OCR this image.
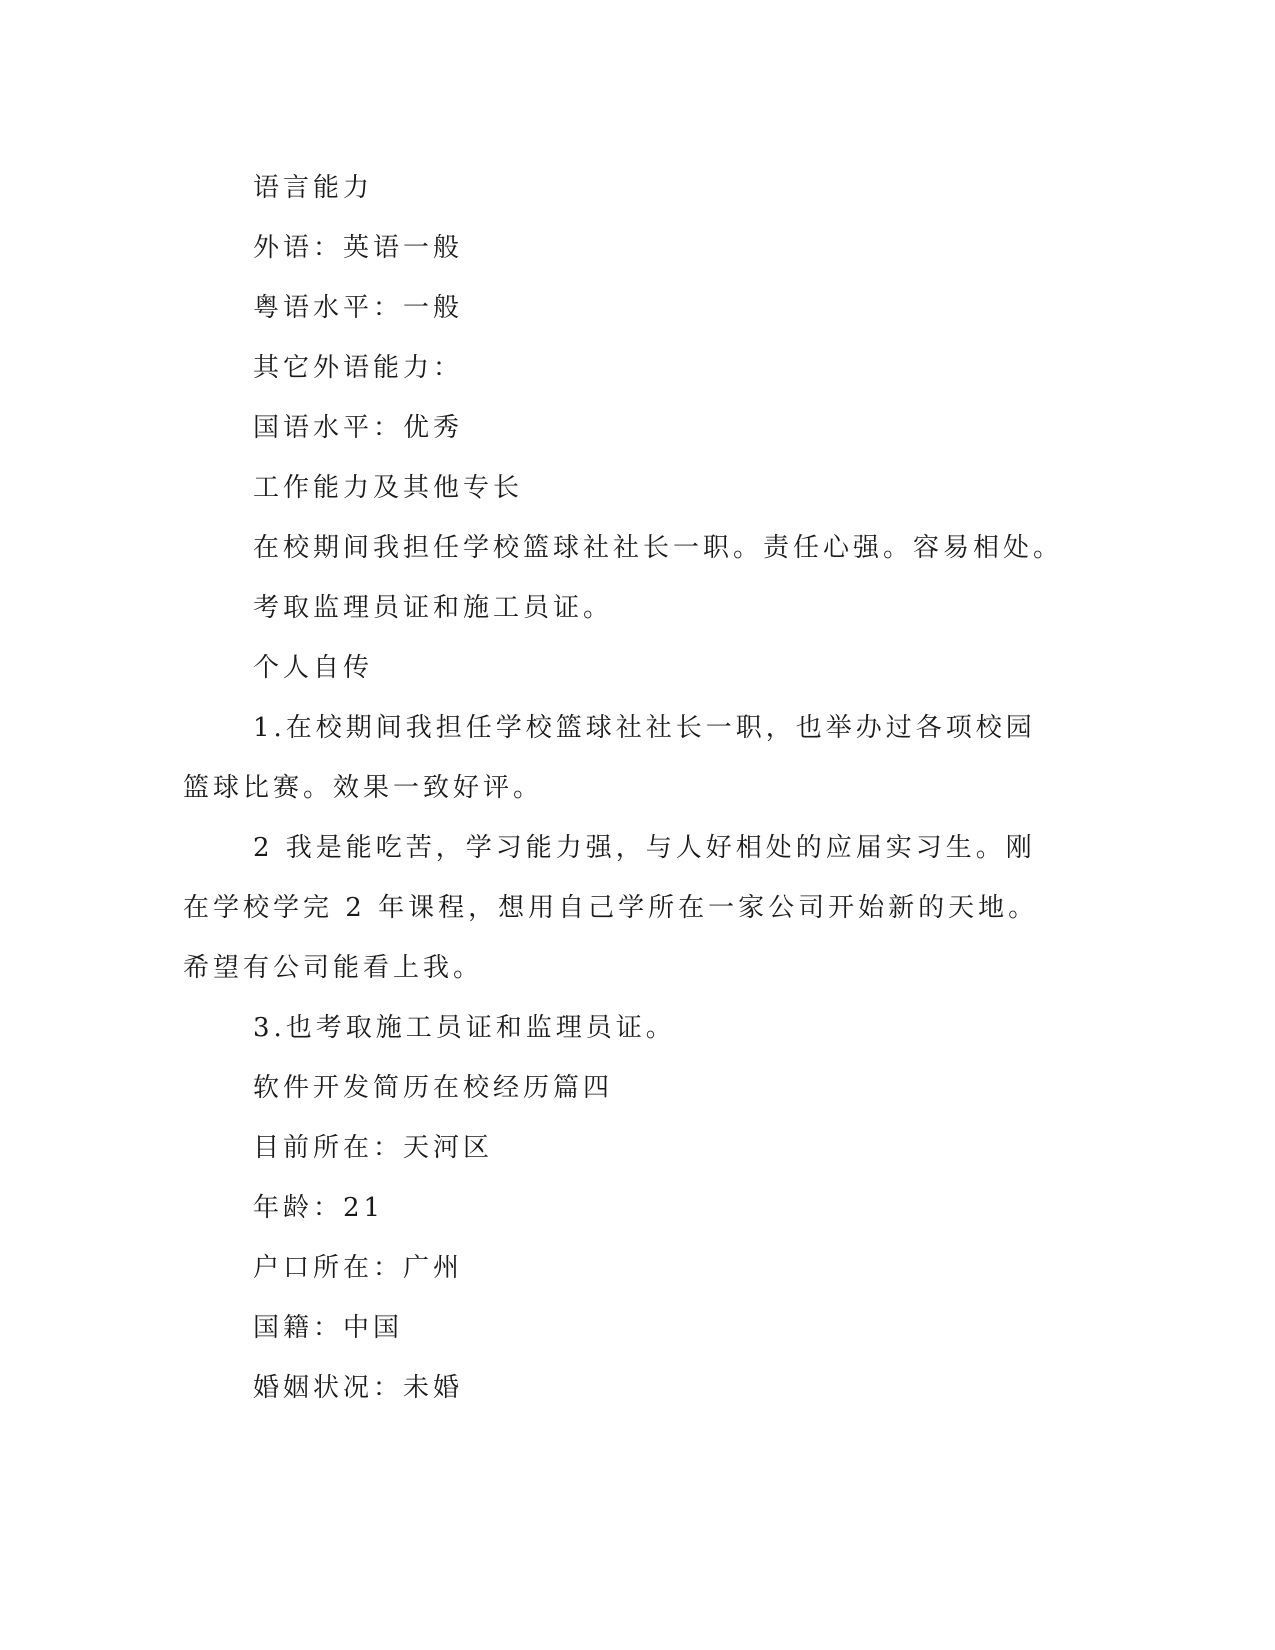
语言能力

外语：英语一般

粤语水平：一般

其它外语能力：

国语水平：优秀

工作能力及其他专长

在校期间我担任学校篮球社社长一职。责任心强。容易相处。

考取监理员证和施工员证。

个人自传

1.在校期间我担任学校篮球社社长一职，也举办过各项校园篮球比赛。效果一致好评。

2 我是能吃苦，学习能力强，与人好相处的应届实习生。刚在学校学完 2 年课程，想用自己学所在一家公司开始新的天地。希望有公司能看上我。

3.也考取施工员证和监理员证。

软件开发简历在校经历篇四

目前所在：天河区

年龄：21

户口所在：广州

国籍：中国

婚姻状况：未婚
